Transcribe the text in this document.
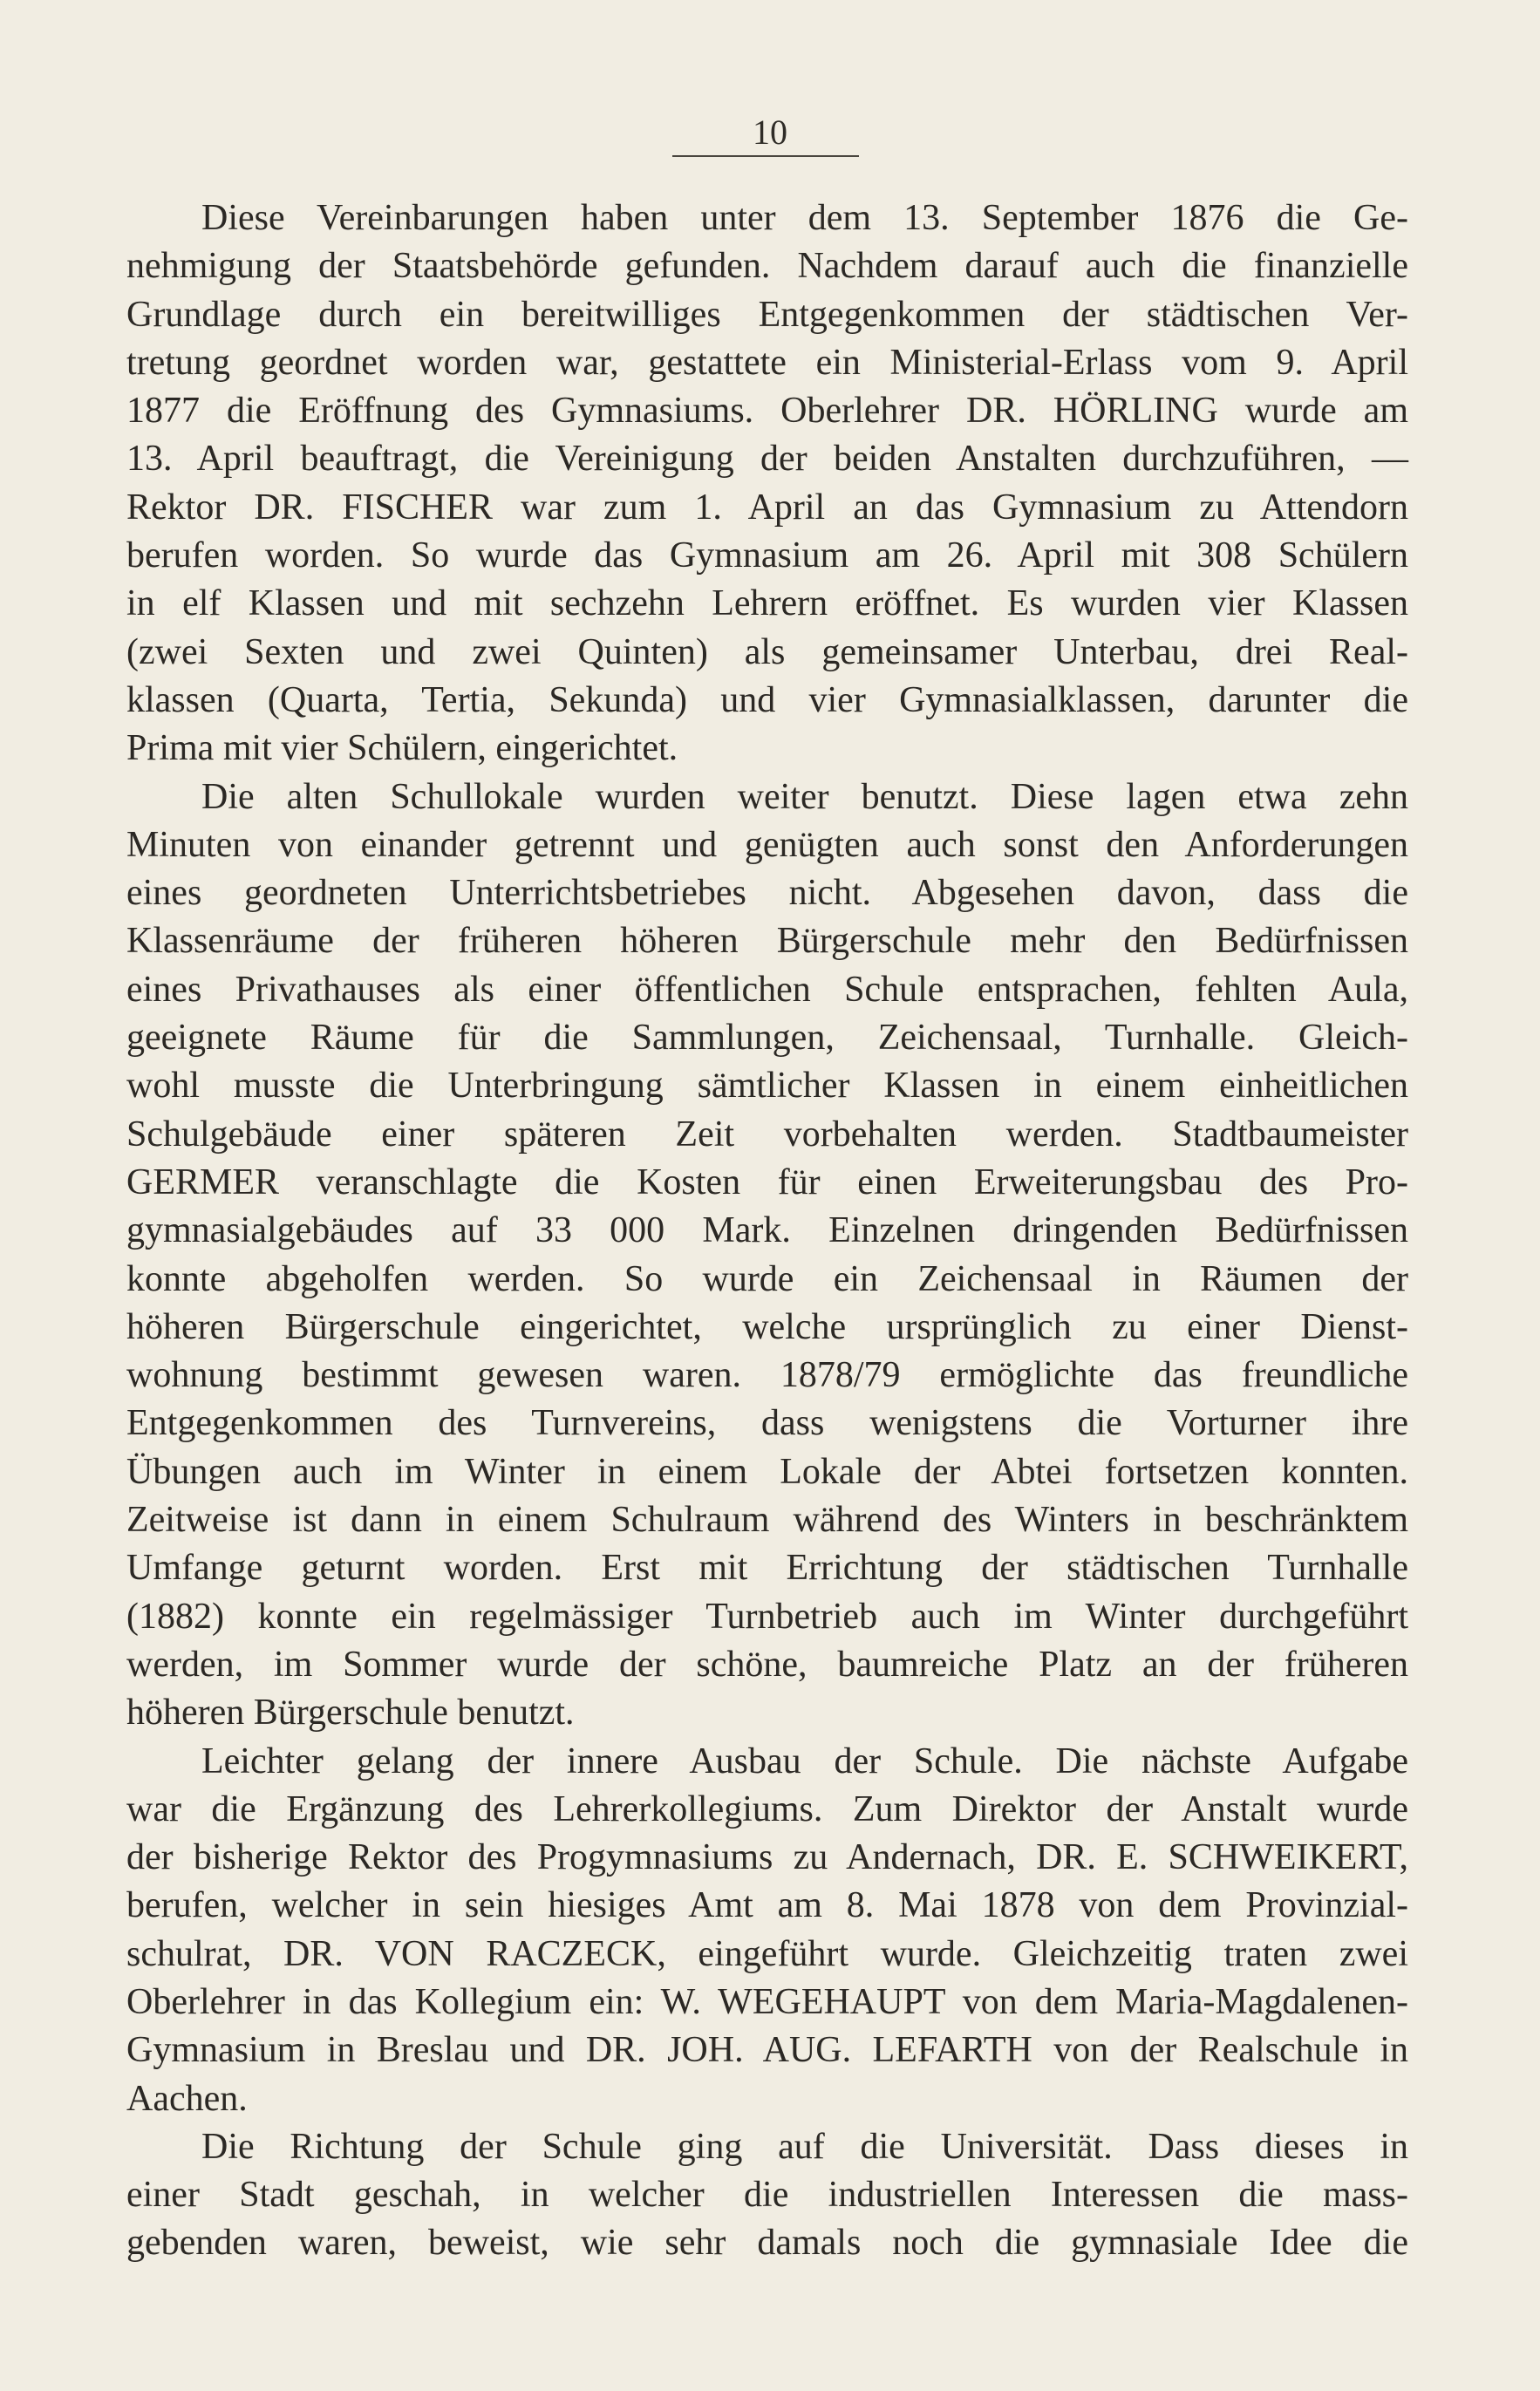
10
Diese Vereinbarungen haben unter dem 13. September 1876 die Ge-
nehmigung der Staatsbehörde gefunden. Nachdem darauf auch die finanzielle
Grundlage durch ein bereitwilliges Entgegenkommen der städtischen Ver-
tretung geordnet worden war, gestattete ein Ministerial-Erlass vom 9. April
1877 die Eröffnung des Gymnasiums. Oberlehrer DR. HÖRLING wurde am
13. April beauftragt, die Vereinigung der beiden Anstalten durchzuführen, —
Rektor DR. FISCHER war zum 1. April an das Gymnasium zu Attendorn
berufen worden. So wurde das Gymnasium am 26. April mit 308 Schülern
in elf Klassen und mit sechzehn Lehrern eröffnet. Es wurden vier Klassen
(zwei Sexten und zwei Quinten) als gemeinsamer Unterbau, drei Real-
klassen (Quarta, Tertia, Sekunda) und vier Gymnasialklassen, darunter die
Prima mit vier Schülern, eingerichtet.
Die alten Schullokale wurden weiter benutzt. Diese lagen etwa zehn
Minuten von einander getrennt und genügten auch sonst den Anforderungen
eines geordneten Unterrichtsbetriebes nicht. Abgesehen davon, dass die
Klassenräume der früheren höheren Bürgerschule mehr den Bedürfnissen
eines Privathauses als einer öffentlichen Schule entsprachen, fehlten Aula,
geeignete Räume für die Sammlungen, Zeichensaal, Turnhalle. Gleich-
wohl musste die Unterbringung sämtlicher Klassen in einem einheitlichen
Schulgebäude einer späteren Zeit vorbehalten werden. Stadtbaumeister
GERMER veranschlagte die Kosten für einen Erweiterungsbau des Pro-
gymnasialgebäudes auf 33 000 Mark. Einzelnen dringenden Bedürfnissen
konnte abgeholfen werden. So wurde ein Zeichensaal in Räumen der
höheren Bürgerschule eingerichtet, welche ursprünglich zu einer Dienst-
wohnung bestimmt gewesen waren. 1878/79 ermöglichte das freundliche
Entgegenkommen des Turnvereins, dass wenigstens die Vorturner ihre
Übungen auch im Winter in einem Lokale der Abtei fortsetzen konnten.
Zeitweise ist dann in einem Schulraum während des Winters in beschränktem
Umfange geturnt worden. Erst mit Errichtung der städtischen Turnhalle
(1882) konnte ein regelmässiger Turnbetrieb auch im Winter durchgeführt
werden, im Sommer wurde der schöne, baumreiche Platz an der früheren
höheren Bürgerschule benutzt.
Leichter gelang der innere Ausbau der Schule. Die nächste Aufgabe
war die Ergänzung des Lehrerkollegiums. Zum Direktor der Anstalt wurde
der bisherige Rektor des Progymnasiums zu Andernach, DR. E. SCHWEIKERT,
berufen, welcher in sein hiesiges Amt am 8. Mai 1878 von dem Provinzial-
schulrat, DR. VON RACZECK, eingeführt wurde. Gleichzeitig traten zwei
Oberlehrer in das Kollegium ein: W. WEGEHAUPT von dem Maria-Magdalenen-
Gymnasium in Breslau und DR. JOH. AUG. LEFARTH von der Realschule in
Aachen.
Die Richtung der Schule ging auf die Universität. Dass dieses in
einer Stadt geschah, in welcher die industriellen Interessen die mass-
gebenden waren, beweist, wie sehr damals noch die gymnasiale Idee die
